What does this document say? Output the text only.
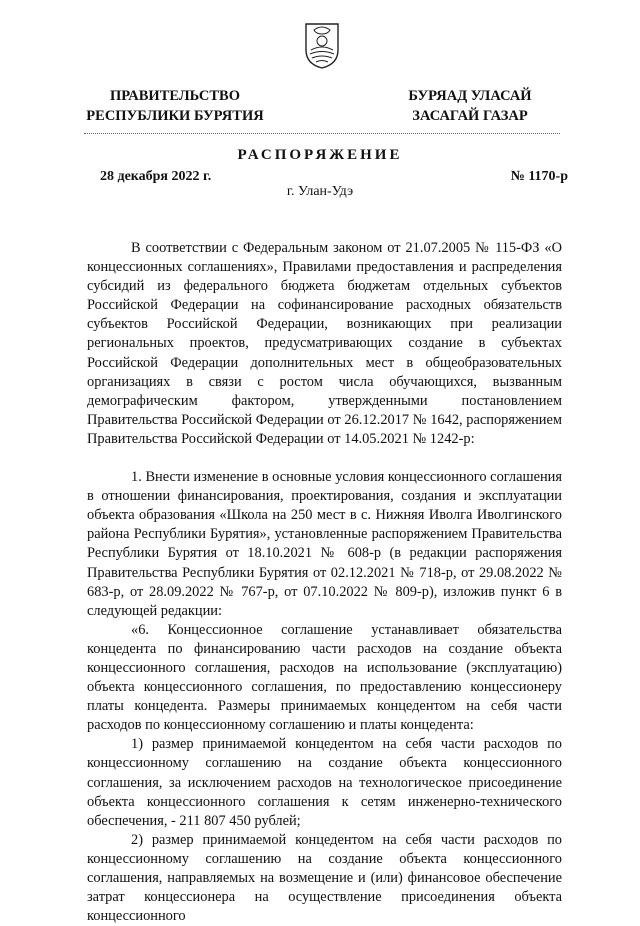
ПРАВИТЕЛЬСТВО
РЕСПУБЛИКИ БУРЯТИЯ
БУРЯАД УЛАСАЙ
ЗАСАГАЙ ГАЗАР
РАСПОРЯЖЕНИЕ
28 декабря 2022 г.	№ 1170-р
г. Улан-Удэ

В соответствии с Федеральным законом от 21.07.2005 № 115-ФЗ «О концессионных соглашениях», Правилами предоставления и распределения субсидий из федерального бюджета бюджетам отдельных субъектов Российской Федерации на софинансирование расходных обязательств субъектов Российской Федерации, возникающих при реализации региональных проектов, предусматривающих создание в субъектах Российской Федерации дополнительных мест в общеобразовательных организациях в связи с ростом числа обучающихся, вызванным демографическим фактором, утвержденными постановлением Правительства Российской Федерации от 26.12.2017 № 1642, распоряжением Правительства Российской Федерации от 14.05.2021 № 1242-р:

1. Внести изменение в основные условия концессионного соглашения в отношении финансирования, проектирования, создания и эксплуатации объекта образования «Школа на 250 мест в с. Нижняя Иволга Иволгинского района Республики Бурятия», установленные распоряжением Правительства Республики Бурятия от 18.10.2021 № 608-р (в редакции распоряжения Правительства Республики Бурятия от 02.12.2021 № 718-р, от 29.08.2022 № 683-р, от 28.09.2022 № 767-р, от 07.10.2022 № 809-р), изложив пункт 6 в следующей редакции:

«6. Концессионное соглашение устанавливает обязательства концедента по финансированию части расходов на создание объекта концессионного соглашения, расходов на использование (эксплуатацию) объекта концессионного соглашения, по предоставлению концессионеру платы концедента. Размеры принимаемых концедентом на себя части расходов по концессионному соглашению и платы концедента:

1) размер принимаемой концедентом на себя части расходов по концессионному соглашению на создание объекта концессионного соглашения, за исключением расходов на технологическое присоединение объекта концессионного соглашения к сетям инженерно-технического обеспечения, - 211 807 450 рублей;

2) размер принимаемой концедентом на себя части расходов по концессионному соглашению на создание объекта концессионного соглашения, направляемых на возмещение и (или) финансовое обеспечение затрат концессионера на осуществление присоединения объекта концессионного
